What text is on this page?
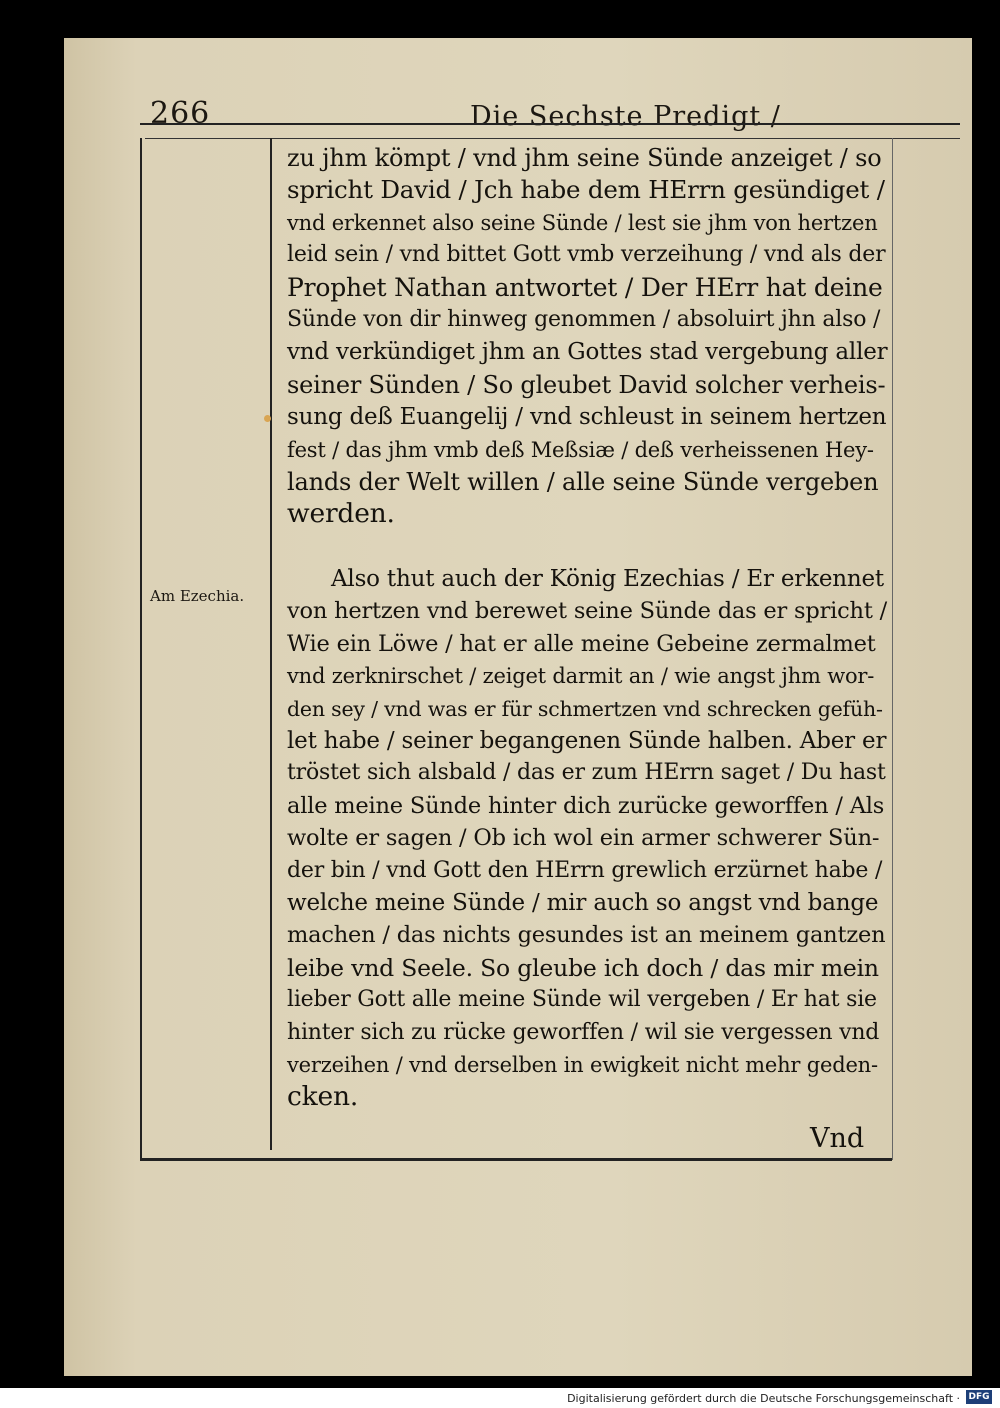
266	Die Sechste Predigt /
Am Ezechia.
zu jhm kömpt / vnd jhm seine Sünde anzeiget / so
spricht David / Jch habe dem HErrn gesündiget /
vnd erkennet also seine Sünde / lest sie jhm von hertzen
leid sein / vnd bittet Gott vmb verzeihung / vnd als der
Prophet Nathan antwortet / Der HErr hat deine
Sünde von dir hinweg genommen / absoluirt jhn also /
vnd verkündiget jhm an Gottes stad vergebung aller
seiner Sünden / So gleubet David solcher verheis-
sung deß Euangelij / vnd schleust in seinem hertzen
fest / das jhm vmb deß Meßsiæ / deß verheissenen Hey-
lands der Welt willen / alle seine Sünde vergeben
werden.
Also thut auch der König Ezechias / Er erkennet
von hertzen vnd berewet seine Sünde das er spricht /
Wie ein Löwe / hat er alle meine Gebeine zermalmet
vnd zerknirschet / zeiget darmit an / wie angst jhm wor-
den sey / vnd was er für schmertzen vnd schrecken gefüh-
let habe / seiner begangenen Sünde halben. Aber er
tröstet sich alsbald / das er zum HErrn saget / Du hast
alle meine Sünde hinter dich zurücke geworffen / Als
wolte er sagen / Ob ich wol ein armer schwerer Sün-
der bin / vnd Gott den HErrn grewlich erzürnet habe /
welche meine Sünde / mir auch so angst vnd bange
machen / das nichts gesundes ist an meinem gantzen
leibe vnd Seele. So gleube ich doch / das mir mein
lieber Gott alle meine Sünde wil vergeben / Er hat sie
hinter sich zu rücke geworffen / wil sie vergessen vnd
verzeihen / vnd derselben in ewigkeit nicht mehr geden-
cken.
Vnd
Digitalisierung gefördert durch die Deutsche Forschungsgemeinschaft · DFG
